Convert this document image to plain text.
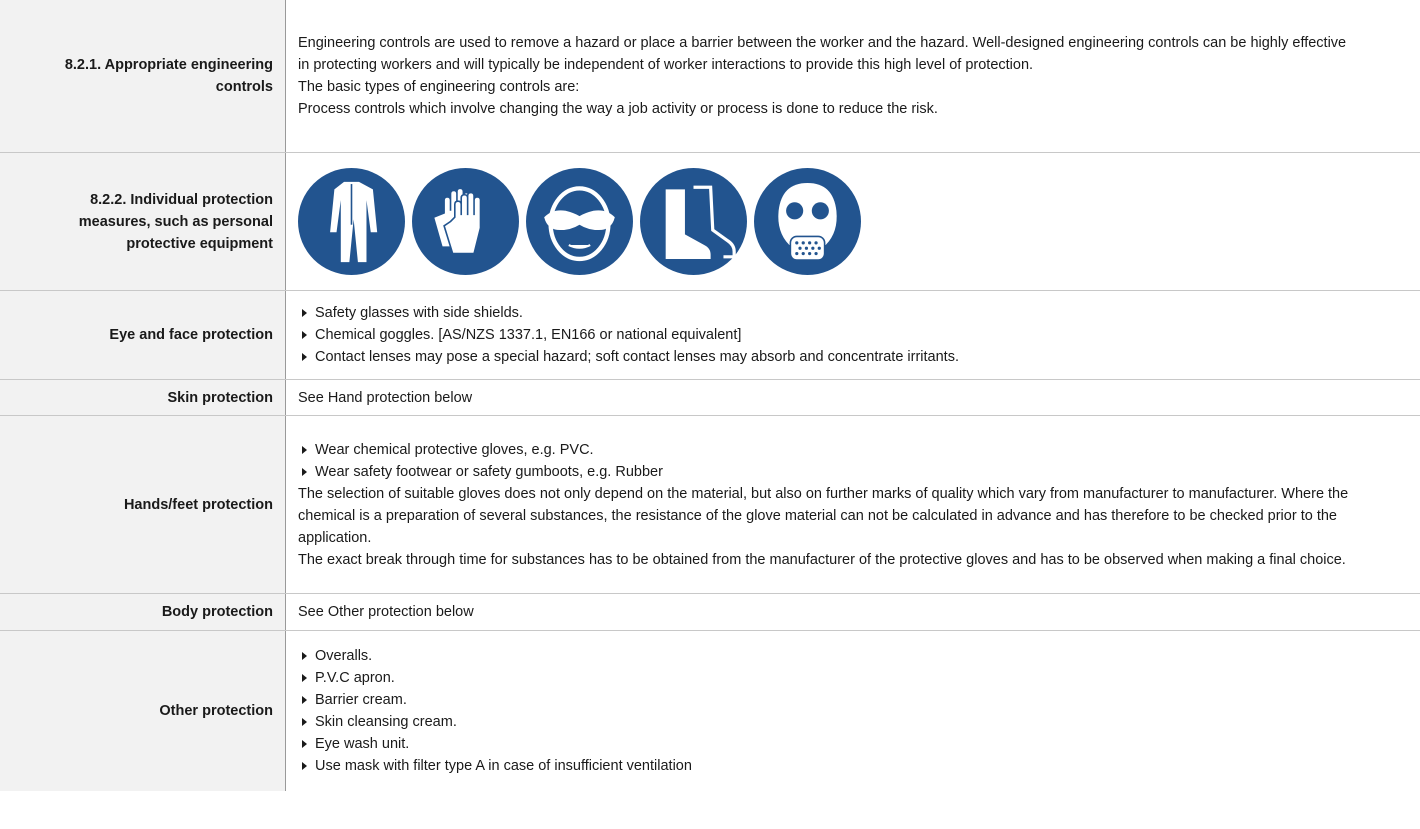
8.2.1. Appropriate engineering controls

Engineering controls are used to remove a hazard or place a barrier between the worker and the hazard. Well-designed engineering controls can be highly effective in protecting workers and will typically be independent of worker interactions to provide this high level of protection.

The basic types of engineering controls are:

Process controls which involve changing the way a job activity or process is done to reduce the risk.

8.2.2. Individual protection measures, such as personal protective equipment
Eye and face protection
Safety glasses with side shields.
Chemical goggles. [AS/NZS 1337.1, EN166 or national equivalent]
Contact lenses may pose a special hazard; soft contact lenses may absorb and concentrate irritants.
Skin protection See Hand protection below

Hands/feet protection
Wear chemical protective gloves, e.g. PVC.
Wear safety footwear or safety gumboots, e.g. Rubber

The selection of suitable gloves does not only depend on the material, but also on further marks of quality which vary from manufacturer to manufacturer. Where the chemical is a preparation of several substances, the resistance of the glove material can not be calculated in advance and has therefore to be checked prior to the application.

The exact break through time for substances has to be obtained from the manufacturer of the protective gloves and has to be observed when making a final choice.

Body protection See Other protection below

Other protection
Overalls.
P.V.C apron.
Barrier cream.
Skin cleansing cream.
Eye wash unit.
Use mask with filter type A in case of insufficient ventilation
